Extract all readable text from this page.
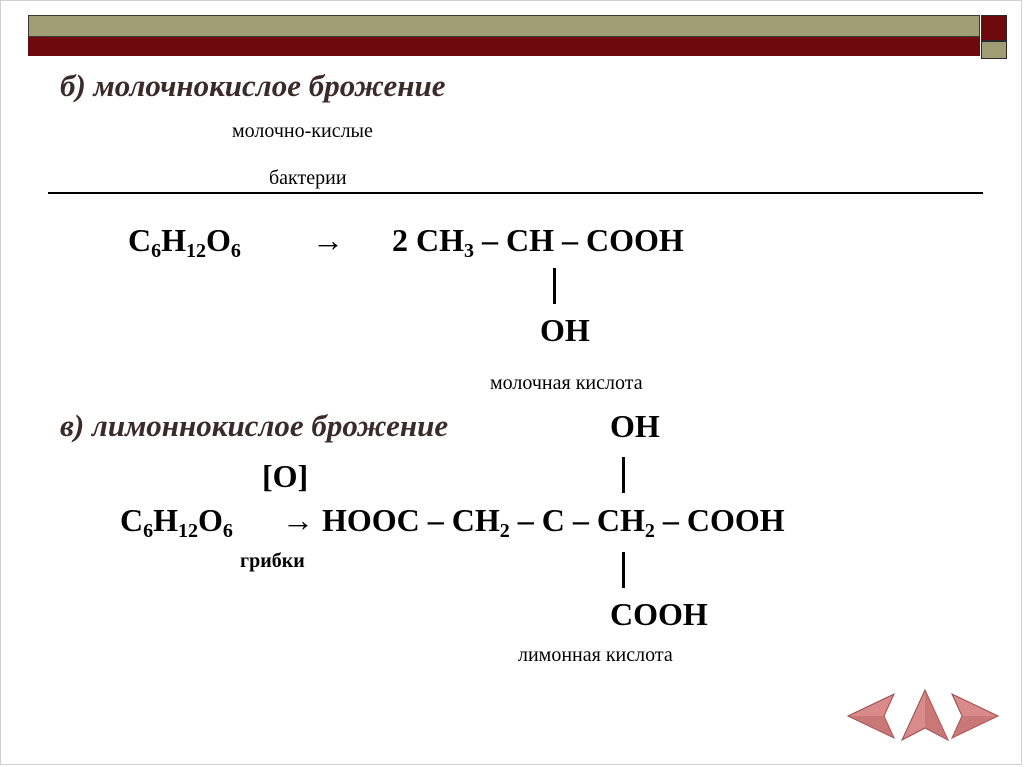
б) молочнокислое брожение
молочно-кислые
бактерии
$C_6H_{12}O_6 \to 2$ $CH_3$ – CH – COOH
OH
молочная кислота
в) лимоннокислое брожение	OH
[O]
$C_6H_{12}O_6$ → HOOC – $CH_2$ – C – $CH_2$ – COOH
грибки
COOH
лимонная кислота
